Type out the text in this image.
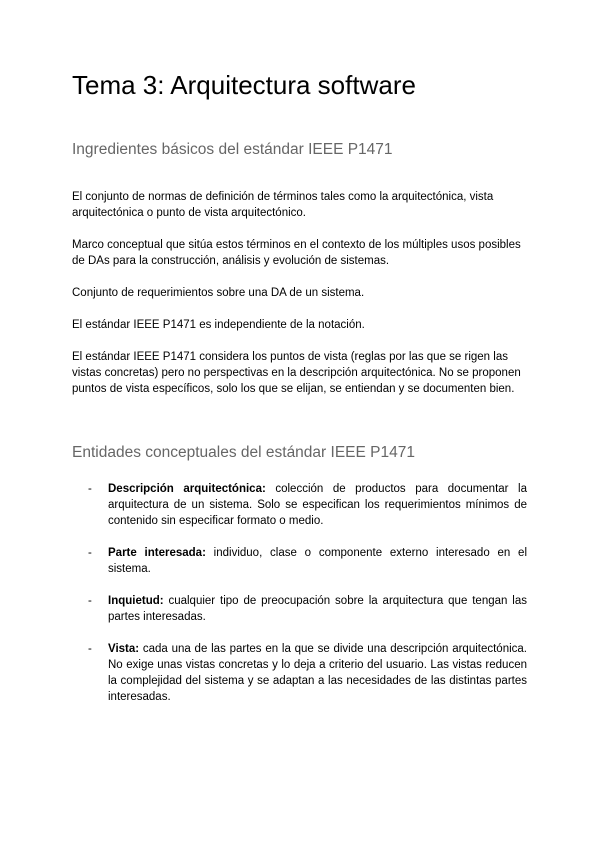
Tema 3: Arquitectura software
Ingredientes básicos del estándar IEEE P1471

El conjunto de normas de definición de términos tales como la arquitectónica, vista arquitectónica o punto de vista arquitectónico.

Marco conceptual que sitúa estos términos en el contexto de los múltiples usos posibles de DAs para la construcción, análisis y evolución de sistemas.

Conjunto de requerimientos sobre una DA de un sistema.

El estándar IEEE P1471 es independiente de la notación.

El estándar IEEE P1471 considera los puntos de vista (reglas por las que se rigen las vistas concretas) pero no perspectivas en la descripción arquitectónica. No se proponen puntos de vista específicos, solo los que se elijan, se entiendan y se documenten bien.

Entidades conceptuales del estándar IEEE P1471
- Descripción arquitectónica: colección de productos para documentar la arquitectura de un sistema. Solo se especifican los requerimientos mínimos de contenido sin especificar formato o medio.

- Parte interesada: individuo, clase o componente externo interesado en el sistema.

- Inquietud: cualquier tipo de preocupación sobre la arquitectura que tengan las partes interesadas.

- Vista: cada una de las partes en la que se divide una descripción arquitectónica. No exige unas vistas concretas y lo deja a criterio del usuario. Las vistas reducen la complejidad del sistema y se adaptan a las necesidades de las distintas partes interesadas.
